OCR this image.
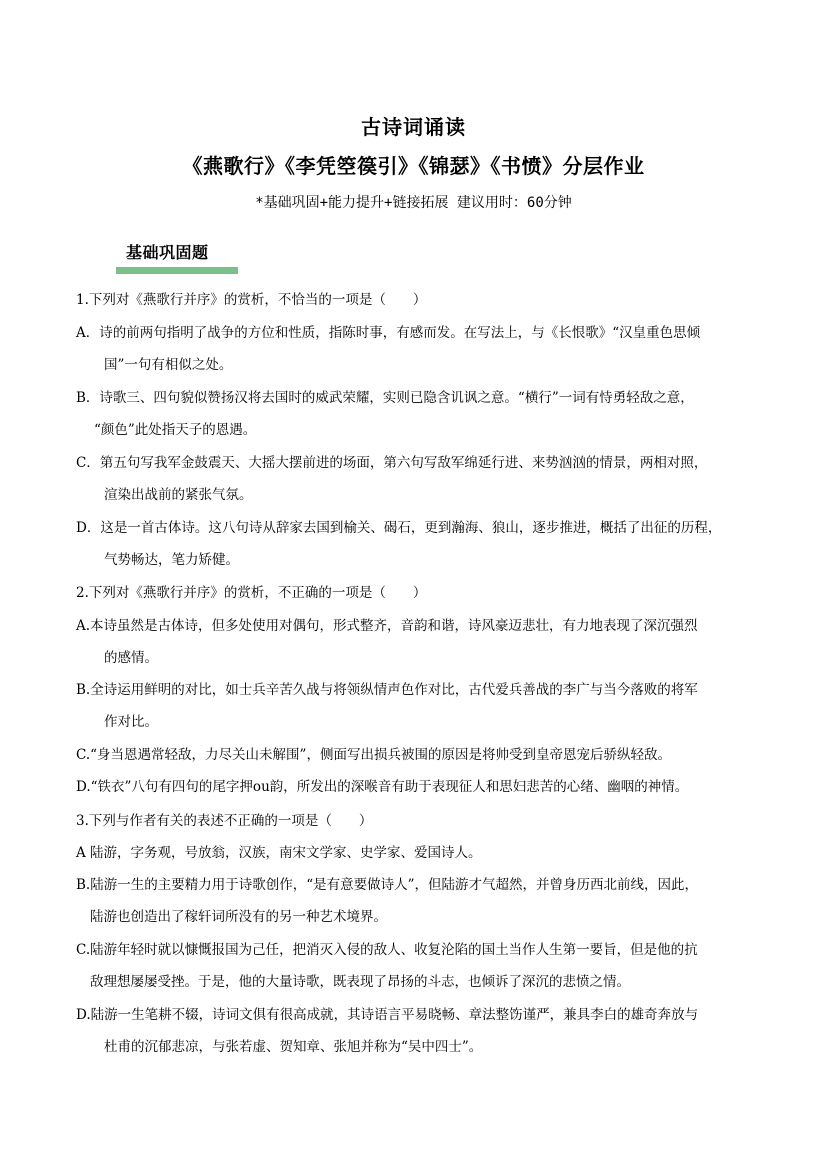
古诗词诵读
《燕歌行》《李凭箜篌引》《锦瑟》《书愤》分层作业
*基础巩固+能力提升+链接拓展 建议用时：60分钟
基础巩固题
1.下列对《燕歌行并序》的赏析，不恰当的一项是（　　）
A．诗的前两句指明了战争的方位和性质，指陈时事，有感而发。在写法上，与《长恨歌》“汉皇重色思倾
国”一句有相似之处。
B．诗歌三、四句貌似赞扬汉将去国时的威武荣耀，实则已隐含讥讽之意。“横行”一词有恃勇轻敌之意，
“颜色”此处指天子的恩遇。
C．第五句写我军金鼓震天、大摇大摆前进的场面，第六句写敌军绵延行进、来势汹汹的情景，两相对照，
渲染出战前的紧张气氛。
D．这是一首古体诗。这八句诗从辞家去国到榆关、碣石，更到瀚海、狼山，逐步推进，概括了出征的历程，
气势畅达，笔力矫健。
2.下列对《燕歌行并序》的赏析，不正确的一项是（　　）
A.本诗虽然是古体诗，但多处使用对偶句，形式整齐，音韵和谐，诗风豪迈悲壮，有力地表现了深沉强烈
的感情。
B.全诗运用鲜明的对比，如士兵辛苦久战与将领纵情声色作对比，古代爱兵善战的李广与当今落败的将军
作对比。
C.“身当恩遇常轻敌，力尽关山未解围”，侧面写出损兵被围的原因是将帅受到皇帝恩宠后骄纵轻敌。
D.“铁衣”八句有四句的尾字押ou韵，所发出的深喉音有助于表现征人和思妇悲苦的心绪、幽咽的神情。
3.下列与作者有关的表述不正确的一项是（　　）
A 陆游，字务观，号放翁，汉族，南宋文学家、史学家、爱国诗人。
B.陆游一生的主要精力用于诗歌创作，“是有意要做诗人”，但陆游才气超然，并曾身历西北前线，因此，
陆游也创造出了稼轩词所没有的另一种艺术境界。
C.陆游年轻时就以慷慨报国为己任，把消灭入侵的敌人、收复沦陷的国土当作人生第一要旨，但是他的抗
敌理想屡屡受挫。于是，他的大量诗歌，既表现了昂扬的斗志，也倾诉了深沉的悲愤之情。
D.陆游一生笔耕不辍，诗词文俱有很高成就，其诗语言平易晓畅、章法整饬谨严，兼具李白的雄奇奔放与
杜甫的沉郁悲凉，与张若虚、贺知章、张旭并称为“吴中四士”。
